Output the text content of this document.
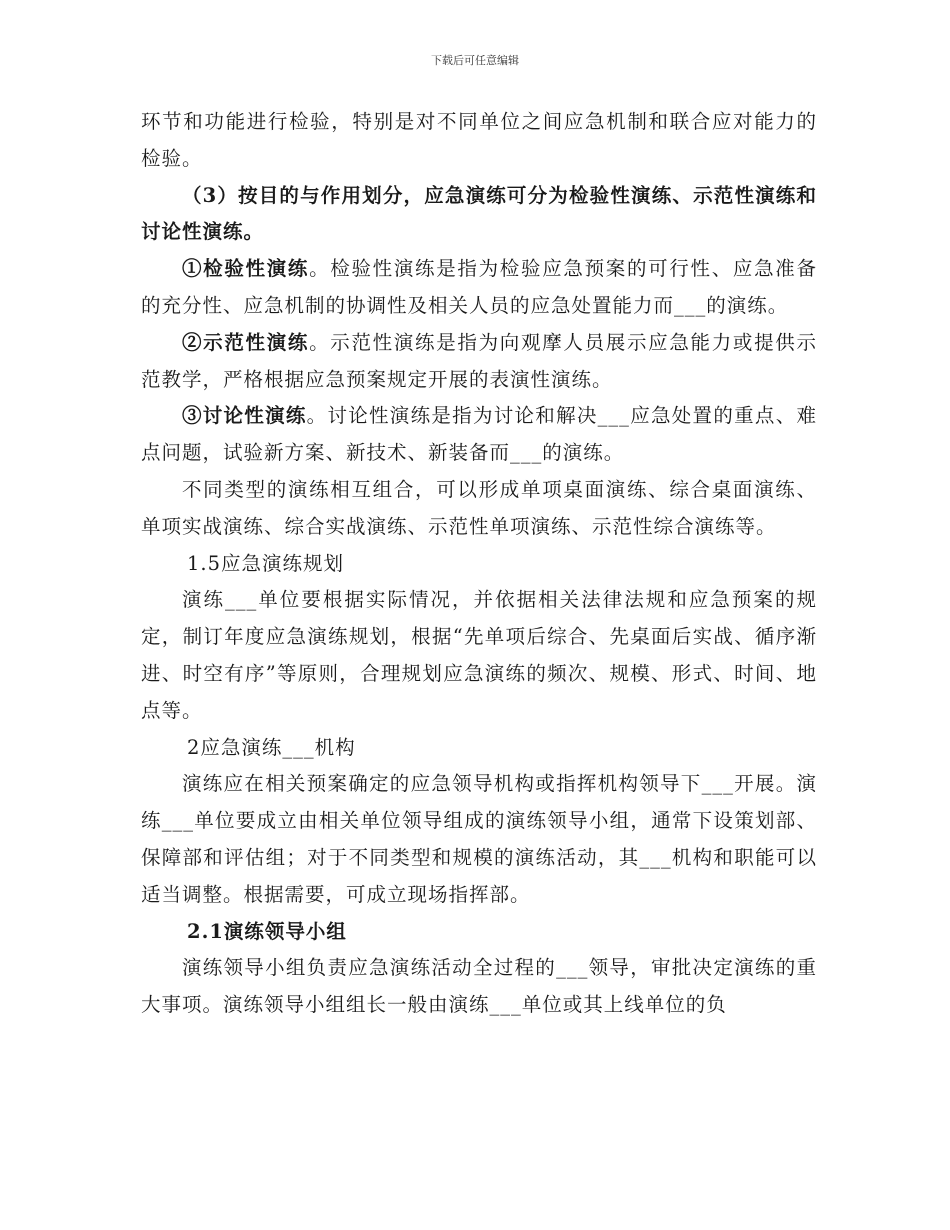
下载后可任意编辑

环节和功能进行检验，特别是对不同单位之间应急机制和联合应对能力的检验。

（3）按目的与作用划分，应急演练可分为检验性演练、示范性演练和讨论性演练。

①检验性演练。检验性演练是指为检验应急预案的可行性、应急准备的充分性、应急机制的协调性及相关人员的应急处置能力而___的演练。

②示范性演练。示范性演练是指为向观摩人员展示应急能力或提供示范教学，严格根据应急预案规定开展的表演性演练。

③讨论性演练。讨论性演练是指为讨论和解决___应急处置的重点、难点问题，试验新方案、新技术、新装备而___的演练。

不同类型的演练相互组合，可以形成单项桌面演练、综合桌面演练、单项实战演练、综合实战演练、示范性单项演练、示范性综合演练等。

1.5应急演练规划

演练___单位要根据实际情况，并依据相关法律法规和应急预案的规定，制订年度应急演练规划，根据“先单项后综合、先桌面后实战、循序渐进、时空有序”等原则，合理规划应急演练的频次、规模、形式、时间、地点等。

2应急演练___机构

演练应在相关预案确定的应急领导机构或指挥机构领导下___开展。演练___单位要成立由相关单位领导组成的演练领导小组，通常下设策划部、保障部和评估组；对于不同类型和规模的演练活动，其___机构和职能可以适当调整。根据需要，可成立现场指挥部。

2.1演练领导小组

演练领导小组负责应急演练活动全过程的___领导，审批决定演练的重大事项。演练领导小组组长一般由演练___单位或其上线单位的负
